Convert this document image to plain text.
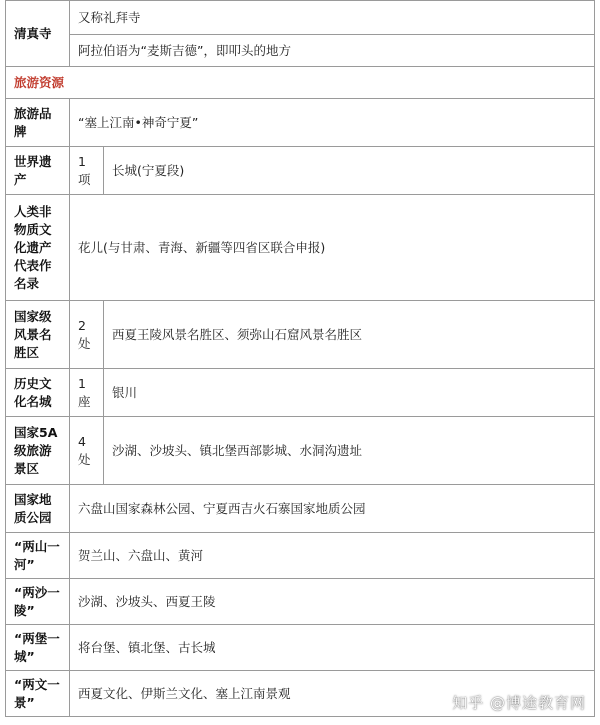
清真寺	又称礼拜寺	
	阿拉伯语为“麦斯吉德”，即叩头的地方	
旅游资源		
旅游品牌	“塞上江南•神奇宁夏”	
世界遗产	1项	长城(宁夏段)
人类非物质文化遗产代表作名录	花儿(与甘肃、青海、新疆等四省区联合申报)	
国家级风景名胜区	2处	西夏王陵风景名胜区、须弥山石窟风景名胜区
历史文化名城	1座	银川
国家5A级旅游景区	4处	沙湖、沙坡头、镇北堡西部影城、水洞沟遗址
国家地质公园	六盘山国家森林公园、宁夏西吉火石寨国家地质公园	
“两山一河”	贺兰山、六盘山、黄河	
“两沙一陵”	沙湖、沙坡头、西夏王陵	
“两堡一城”	将台堡、镇北堡、古长城	
“两文一景”	西夏文化、伊斯兰文化、塞上江南景观	
知乎 @博途教育网
